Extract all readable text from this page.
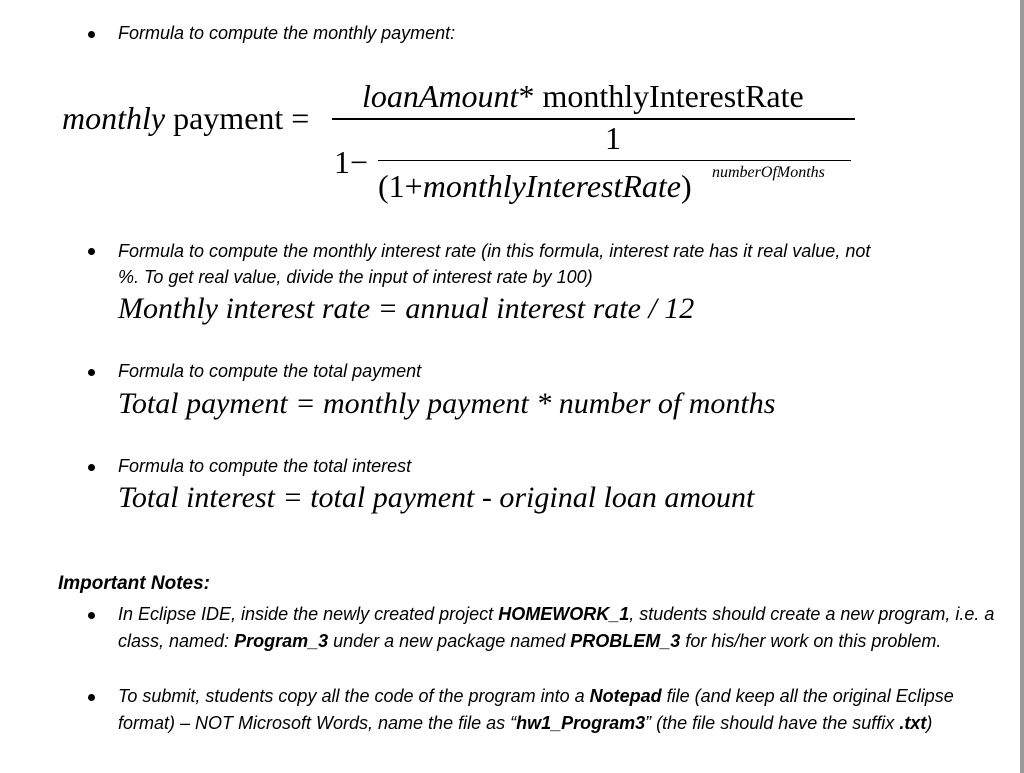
Formula to compute the monthly payment:
monthly payment =
loanAmount* monthlyInterestRate
1−
1
(1+monthlyInterestRate) numberOfMonths
Formula to compute the monthly interest rate (in this formula, interest rate has it real value, not
%. To get real value, divide the input of interest rate by 100)
Monthly interest rate = annual interest rate / 12
Formula to compute the total payment
Total payment = monthly payment * number of months
Formula to compute the total interest
Total interest = total payment - original loan amount
Important Notes:
In Eclipse IDE, inside the newly created project HOMEWORK_1, students should create a new program, i.e. a class, named: Program_3 under a new package named PROBLEM_3 for his/her work on this problem.
To submit, students copy all the code of the program into a Notepad file (and keep all the original Eclipse format) – NOT Microsoft Words, name the file as “hw1_Program3” (the file should have the suffix .txt)
